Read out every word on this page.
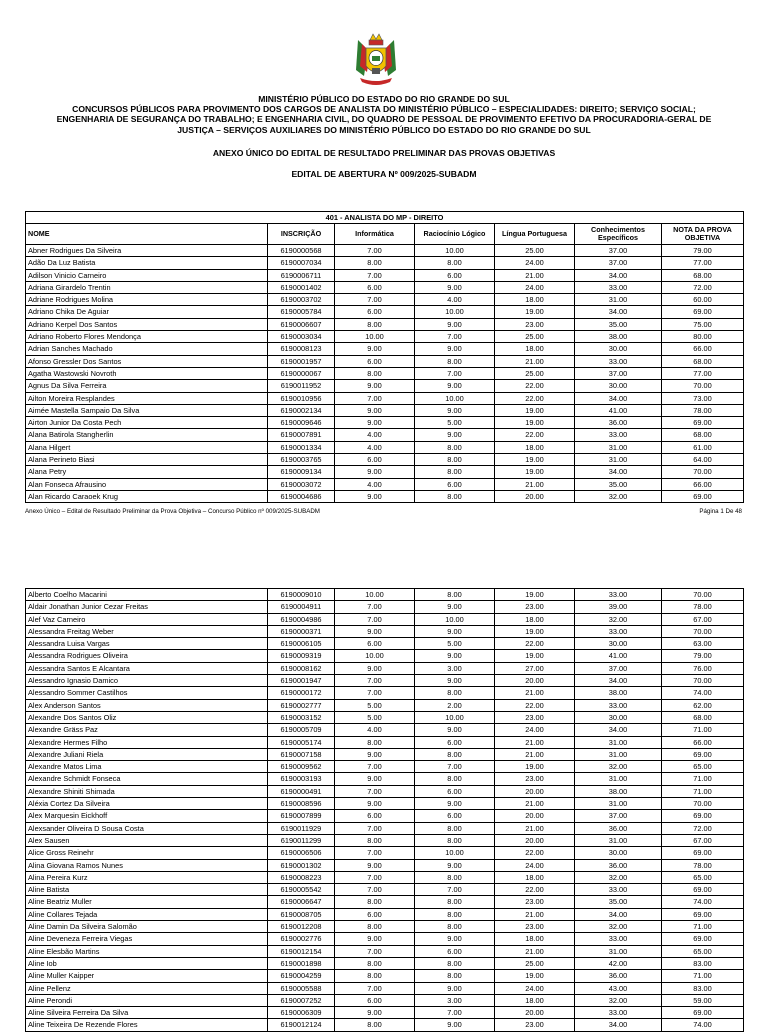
MINISTÉRIO PÚBLICO DO ESTADO DO RIO GRANDE DO SUL
CONCURSOS PÚBLICOS PARA PROVIMENTO DOS CARGOS DE ANALISTA DO MINISTÉRIO PÚBLICO – ESPECIALIDADES: DIREITO; SERVIÇO SOCIAL;
ENGENHARIA DE SEGURANÇA DO TRABALHO; E ENGENHARIA CIVIL, DO QUADRO DE PESSOAL DE PROVIMENTO EFETIVO DA PROCURADORIA-GERAL DE
JUSTIÇA – SERVIÇOS AUXILIARES DO MINISTÉRIO PÚBLICO DO ESTADO DO RIO GRANDE DO SUL
ANEXO ÚNICO DO EDITAL DE RESULTADO PRELIMINAR DAS PROVAS OBJETIVAS
EDITAL DE ABERTURA Nº 009/2025-SUBADM
401 - ANALISTA DO MP - DIREITO						
NOME	INSCRIÇÃO	Informática	Raciocínio Lógico	Língua Portuguesa	Conhecimentos Específicos	NOTA DA PROVA OBJETIVA
Abner Rodrigues Da Silveira	6190000568	7.00	10.00	25.00	37.00	79.00
Adão Da Luz Batista	6190007034	8.00	8.00	24.00	37.00	77.00
Adilson Vinicio Carneiro	6190006711	7.00	6.00	21.00	34.00	68.00
Adriana Girardelo Trentin	6190001402	6.00	9.00	24.00	33.00	72.00
Adriane Rodrigues Molina	6190003702	7.00	4.00	18.00	31.00	60.00
Adriano Chika De Aguiar	6190005784	6.00	10.00	19.00	34.00	69.00
Adriano Kerpel Dos Santos	6190006607	8.00	9.00	23.00	35.00	75.00
Adriano Roberto Flores Mendonça	6190003034	10.00	7.00	25.00	38.00	80.00
Adrian Sanches Machado	6190008123	9.00	9.00	18.00	30.00	66.00
Afonso Gressler Dos Santos	6190001957	6.00	8.00	21.00	33.00	68.00
Agatha Wastowski Novroth	6190000067	8.00	7.00	25.00	37.00	77.00
Agnus Da Silva Ferreira	6190011952	9.00	9.00	22.00	30.00	70.00
Ailton Moreira Resplandes	6190010956	7.00	10.00	22.00	34.00	73.00
Aimée Mastella Sampaio Da Silva	6190002134	9.00	9.00	19.00	41.00	78.00
Airton Junior Da Costa Pech	6190009646	9.00	5.00	19.00	36.00	69.00
Alana Batirola Stangherlin	6190007891	4.00	9.00	22.00	33.00	68.00
Alana Hilgert	6190001334	4.00	8.00	18.00	31.00	61.00
Alana Perineto Biasi	6190003765	6.00	8.00	19.00	31.00	64.00
Alana Petry	6190009134	9.00	8.00	19.00	34.00	70.00
Alan Fonseca Afrausino	6190003072	4.00	6.00	21.00	35.00	66.00
Alan Ricardo Caraoek Krug	6190004686	9.00	8.00	20.00	32.00	69.00
Anexo Único – Edital de Resultado Preliminar da Prova Objetiva – Concurso Público nº 009/2025-SUBADM	Página 1 De 48
Alberto Coelho Macarini	6190009010	10.00	8.00	19.00	33.00	70.00
Aldair Jonathan Junior Cezar Freitas	6190004911	7.00	9.00	23.00	39.00	78.00
Alef Vaz Carneiro	6190004986	7.00	10.00	18.00	32.00	67.00
Alessandra Freitag Weber	6190000371	9.00	9.00	19.00	33.00	70.00
Alessandra Luisa Vargas	6190006105	6.00	5.00	22.00	30.00	63.00
Alessandra Rodrigues Oliveira	6190009319	10.00	9.00	19.00	41.00	79.00
Alessandra Santos E Alcantara	6190008162	9.00	3.00	27.00	37.00	76.00
Alessandro Ignasio Damico	6190001947	7.00	9.00	20.00	34.00	70.00
Alessandro Sommer Castilhos	6190000172	7.00	8.00	21.00	38.00	74.00
Alex Anderson Santos	6190002777	5.00	2.00	22.00	33.00	62.00
Alexandre Dos Santos Oliz	6190003152	5.00	10.00	23.00	30.00	68.00
Alexandre Gräss Paz	6190005709	4.00	9.00	24.00	34.00	71.00
Alexandre Hermes Filho	6190005174	8.00	6.00	21.00	31.00	66.00
Alexandre Juliani Riela	6190007158	9.00	8.00	21.00	31.00	69.00
Alexandre Matos Lima	6190009562	7.00	7.00	19.00	32.00	65.00
Alexandre Schmidt Fonseca	6190003193	9.00	8.00	23.00	31.00	71.00
Alexandre Shiniti Shimada	6190000491	7.00	6.00	20.00	38.00	71.00
Aléxia Cortez Da Silveira	6190008596	9.00	9.00	21.00	31.00	70.00
Alex Marquesin Eickhoff	6190007899	6.00	6.00	20.00	37.00	69.00
Alexsander Oliveira D Sousa Costa	6190011929	7.00	8.00	21.00	36.00	72.00
Alex Sausen	6190011299	8.00	8.00	20.00	31.00	67.00
Alice Gross Reinehr	6190006506	7.00	10.00	22.00	30.00	69.00
Alina Giovana Ramos Nunes	6190001302	9.00	9.00	24.00	36.00	78.00
Alina Pereira Kurz	6190008223	7.00	8.00	18.00	32.00	65.00
Aline Batista	6190005542	7.00	7.00	22.00	33.00	69.00
Aline Beatriz Muller	6190006647	8.00	8.00	23.00	35.00	74.00
Aline Collares Tejada	6190008705	6.00	8.00	21.00	34.00	69.00
Aline Damin Da Silveira Salomão	6190012208	8.00	8.00	23.00	32.00	71.00
Aline Deveneza Ferreira Viegas	6190002776	9.00	9.00	18.00	33.00	69.00
Aline Elesbão Martins	6190012154	7.00	6.00	21.00	31.00	65.00
Aline Iob	6190001898	8.00	8.00	25.00	42.00	83.00
Aline Muller Kaipper	6190004259	8.00	8.00	19.00	36.00	71.00
Aline Pellenz	6190005588	7.00	9.00	24.00	43.00	83.00
Aline Perondi	6190007252	6.00	3.00	18.00	32.00	59.00
Aline Silveira Ferreira Da Silva	6190006309	9.00	7.00	20.00	33.00	69.00
Aline Teixeira De Rezende Flores	6190012124	8.00	9.00	23.00	34.00	74.00
